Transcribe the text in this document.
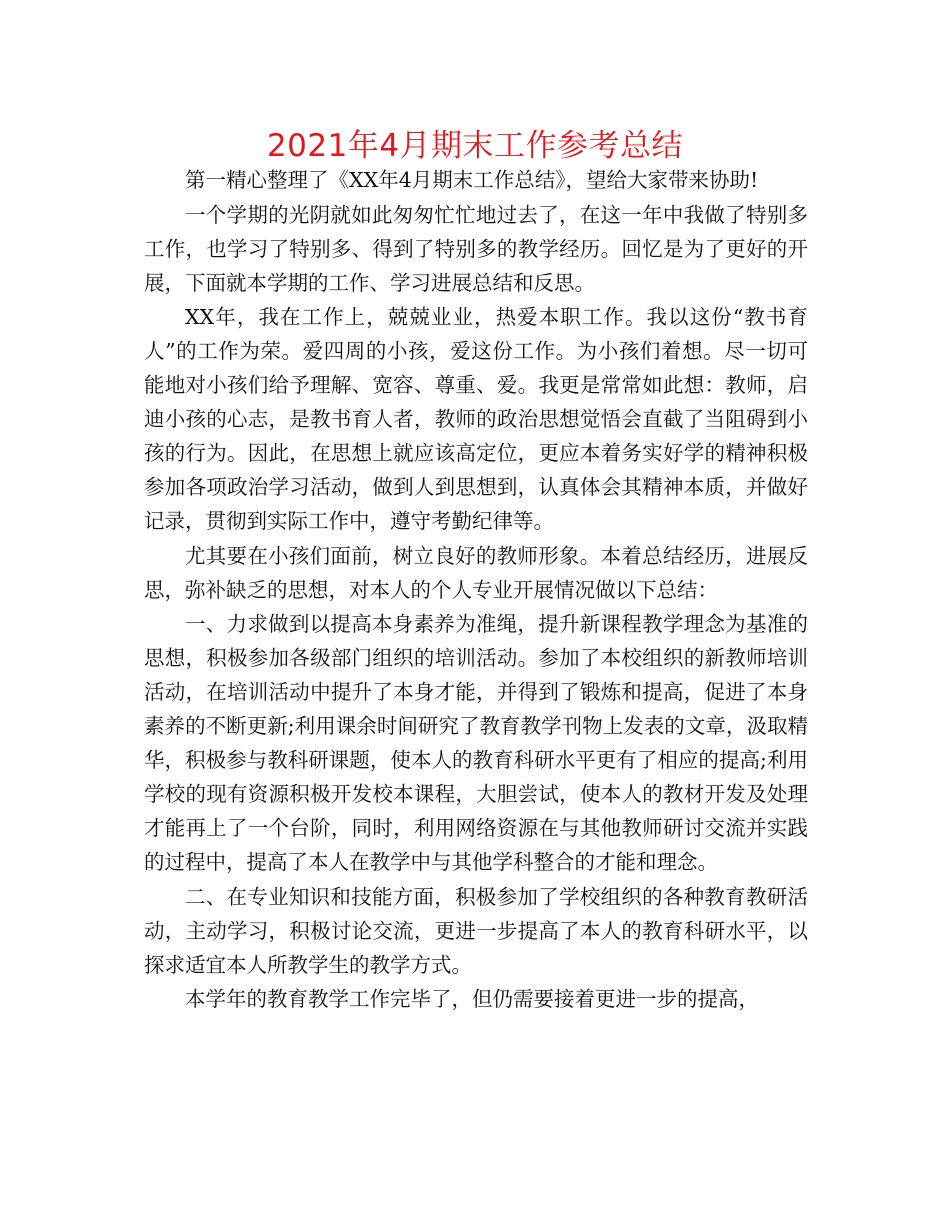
2021年4月期末工作参考总结

第一精心整理了《XX年4月期末工作总结》，望给大家带来协助!

一个学期的光阴就如此匆匆忙忙地过去了，在这一年中我做了特别多工作，也学习了特别多、得到了特别多的教学经历。回忆是为了更好的开展，下面就本学期的工作、学习进展总结和反思。

XX年，我在工作上，兢兢业业，热爱本职工作。我以这份“教书育人”的工作为荣。爱四周的小孩，爱这份工作。为小孩们着想。尽一切可能地对小孩们给予理解、宽容、尊重、爱。我更是常常如此想：教师，启迪小孩的心志，是教书育人者，教师的政治思想觉悟会直截了当阻碍到小孩的行为。因此，在思想上就应该高定位，更应本着务实好学的精神积极参加各项政治学习活动，做到人到思想到，认真体会其精神本质，并做好记录，贯彻到实际工作中，遵守考勤纪律等。

尤其要在小孩们面前，树立良好的教师形象。本着总结经历，进展反思，弥补缺乏的思想，对本人的个人专业开展情况做以下总结：

一、力求做到以提高本身素养为准绳，提升新课程教学理念为基准的思想，积极参加各级部门组织的培训活动。参加了本校组织的新教师培训活动，在培训活动中提升了本身才能，并得到了锻炼和提高，促进了本身素养的不断更新;利用课余时间研究了教育教学刊物上发表的文章，汲取精华，积极参与教科研课题，使本人的教育科研水平更有了相应的提高;利用学校的现有资源积极开发校本课程，大胆尝试，使本人的教材开发及处理才能再上了一个台阶，同时，利用网络资源在与其他教师研讨交流并实践的过程中，提高了本人在教学中与其他学科整合的才能和理念。

二、在专业知识和技能方面，积极参加了学校组织的各种教育教研活动，主动学习，积极讨论交流，更进一步提高了本人的教育科研水平，以探求适宜本人所教学生的教学方式。

本学年的教育教学工作完毕了，但仍需要接着更进一步的提高，
